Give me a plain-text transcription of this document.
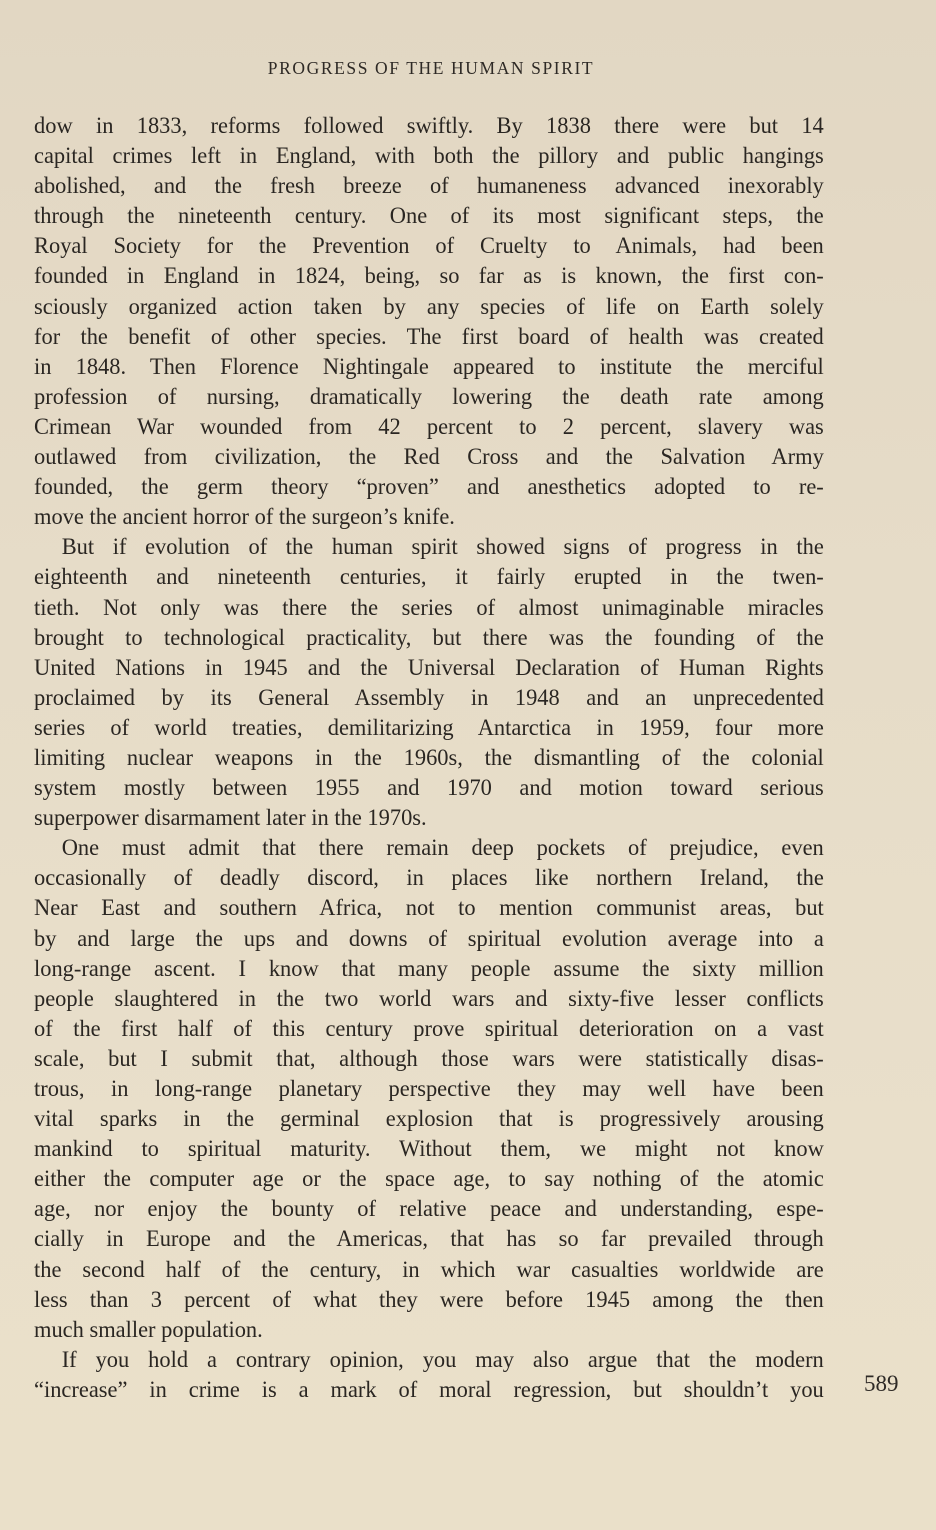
PROGRESS OF THE HUMAN SPIRIT
dow in 1833, reforms followed swiftly. By 1838 there were but 14
capital crimes left in England, with both the pillory and public hangings
abolished, and the fresh breeze of humaneness advanced inexorably
through the nineteenth century. One of its most significant steps, the
Royal Society for the Prevention of Cruelty to Animals, had been
founded in England in 1824, being, so far as is known, the first con-
sciously organized action taken by any species of life on Earth solely
for the benefit of other species. The first board of health was created
in 1848. Then Florence Nightingale appeared to institute the merciful
profession of nursing, dramatically lowering the death rate among
Crimean War wounded from 42 percent to 2 percent, slavery was
outlawed from civilization, the Red Cross and the Salvation Army
founded, the germ theory “proven” and anesthetics adopted to re-
move the ancient horror of the surgeon’s knife.
But if evolution of the human spirit showed signs of progress in the
eighteenth and nineteenth centuries, it fairly erupted in the twen-
tieth. Not only was there the series of almost unimaginable miracles
brought to technological practicality, but there was the founding of the
United Nations in 1945 and the Universal Declaration of Human Rights
proclaimed by its General Assembly in 1948 and an unprecedented
series of world treaties, demilitarizing Antarctica in 1959, four more
limiting nuclear weapons in the 1960s, the dismantling of the colonial
system mostly between 1955 and 1970 and motion toward serious
superpower disarmament later in the 1970s.
One must admit that there remain deep pockets of prejudice, even
occasionally of deadly discord, in places like northern Ireland, the
Near East and southern Africa, not to mention communist areas, but
by and large the ups and downs of spiritual evolution average into a
long-range ascent. I know that many people assume the sixty million
people slaughtered in the two world wars and sixty-five lesser conflicts
of the first half of this century prove spiritual deterioration on a vast
scale, but I submit that, although those wars were statistically disas-
trous, in long-range planetary perspective they may well have been
vital sparks in the germinal explosion that is progressively arousing
mankind to spiritual maturity. Without them, we might not know
either the computer age or the space age, to say nothing of the atomic
age, nor enjoy the bounty of relative peace and understanding, espe-
cially in Europe and the Americas, that has so far prevailed through
the second half of the century, in which war casualties worldwide are
less than 3 percent of what they were before 1945 among the then
much smaller population.
If you hold a contrary opinion, you may also argue that the modern
“increase” in crime is a mark of moral regression, but shouldn’t you 589
